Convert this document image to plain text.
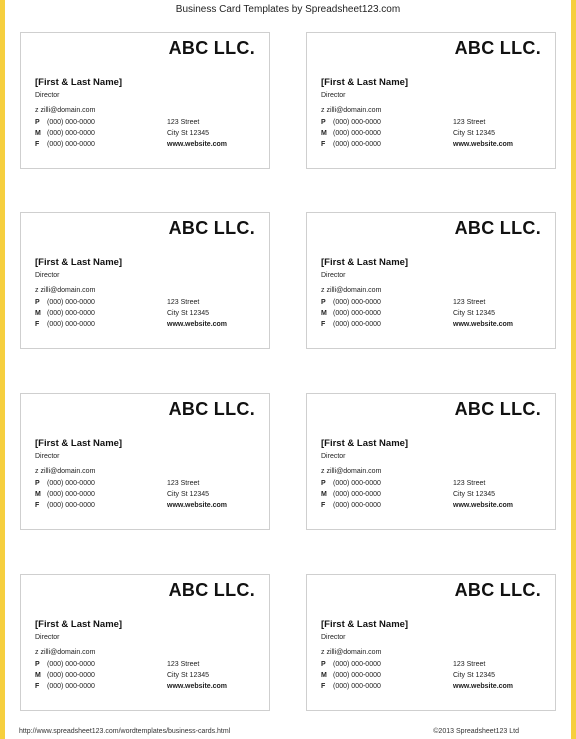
Business Card Templates by Spreadsheet123.com
ABC LLC.
[First & Last Name]
Director
z zilli@domain.com
P (000) 000-0000	123 Street
M (000) 000-0000	City St 12345
F (000) 000-0000	www.website.com
ABC LLC.
[First & Last Name]
Director
z zilli@domain.com
P (000) 000-0000	123 Street
M (000) 000-0000	City St 12345
F (000) 000-0000	www.website.com
ABC LLC.
[First & Last Name]
Director
z zilli@domain.com
P (000) 000-0000	123 Street
M (000) 000-0000	City St 12345
F (000) 000-0000	www.website.com
ABC LLC.
[First & Last Name]
Director
z zilli@domain.com
P (000) 000-0000	123 Street
M (000) 000-0000	City St 12345
F (000) 000-0000	www.website.com
ABC LLC.
[First & Last Name]
Director
z zilli@domain.com
P (000) 000-0000	123 Street
M (000) 000-0000	City St 12345
F (000) 000-0000	www.website.com
ABC LLC.
[First & Last Name]
Director
z zilli@domain.com
P (000) 000-0000	123 Street
M (000) 000-0000	City St 12345
F (000) 000-0000	www.website.com
ABC LLC.
[First & Last Name]
Director
z zilli@domain.com
P (000) 000-0000	123 Street
M (000) 000-0000	City St 12345
F (000) 000-0000	www.website.com
ABC LLC.
[First & Last Name]
Director
z zilli@domain.com
P (000) 000-0000	123 Street
M (000) 000-0000	City St 12345
F (000) 000-0000	www.website.com
http://www.spreadsheet123.com/wordtemplates/business-cards.html	©2013 Spreadsheet123 Ltd
